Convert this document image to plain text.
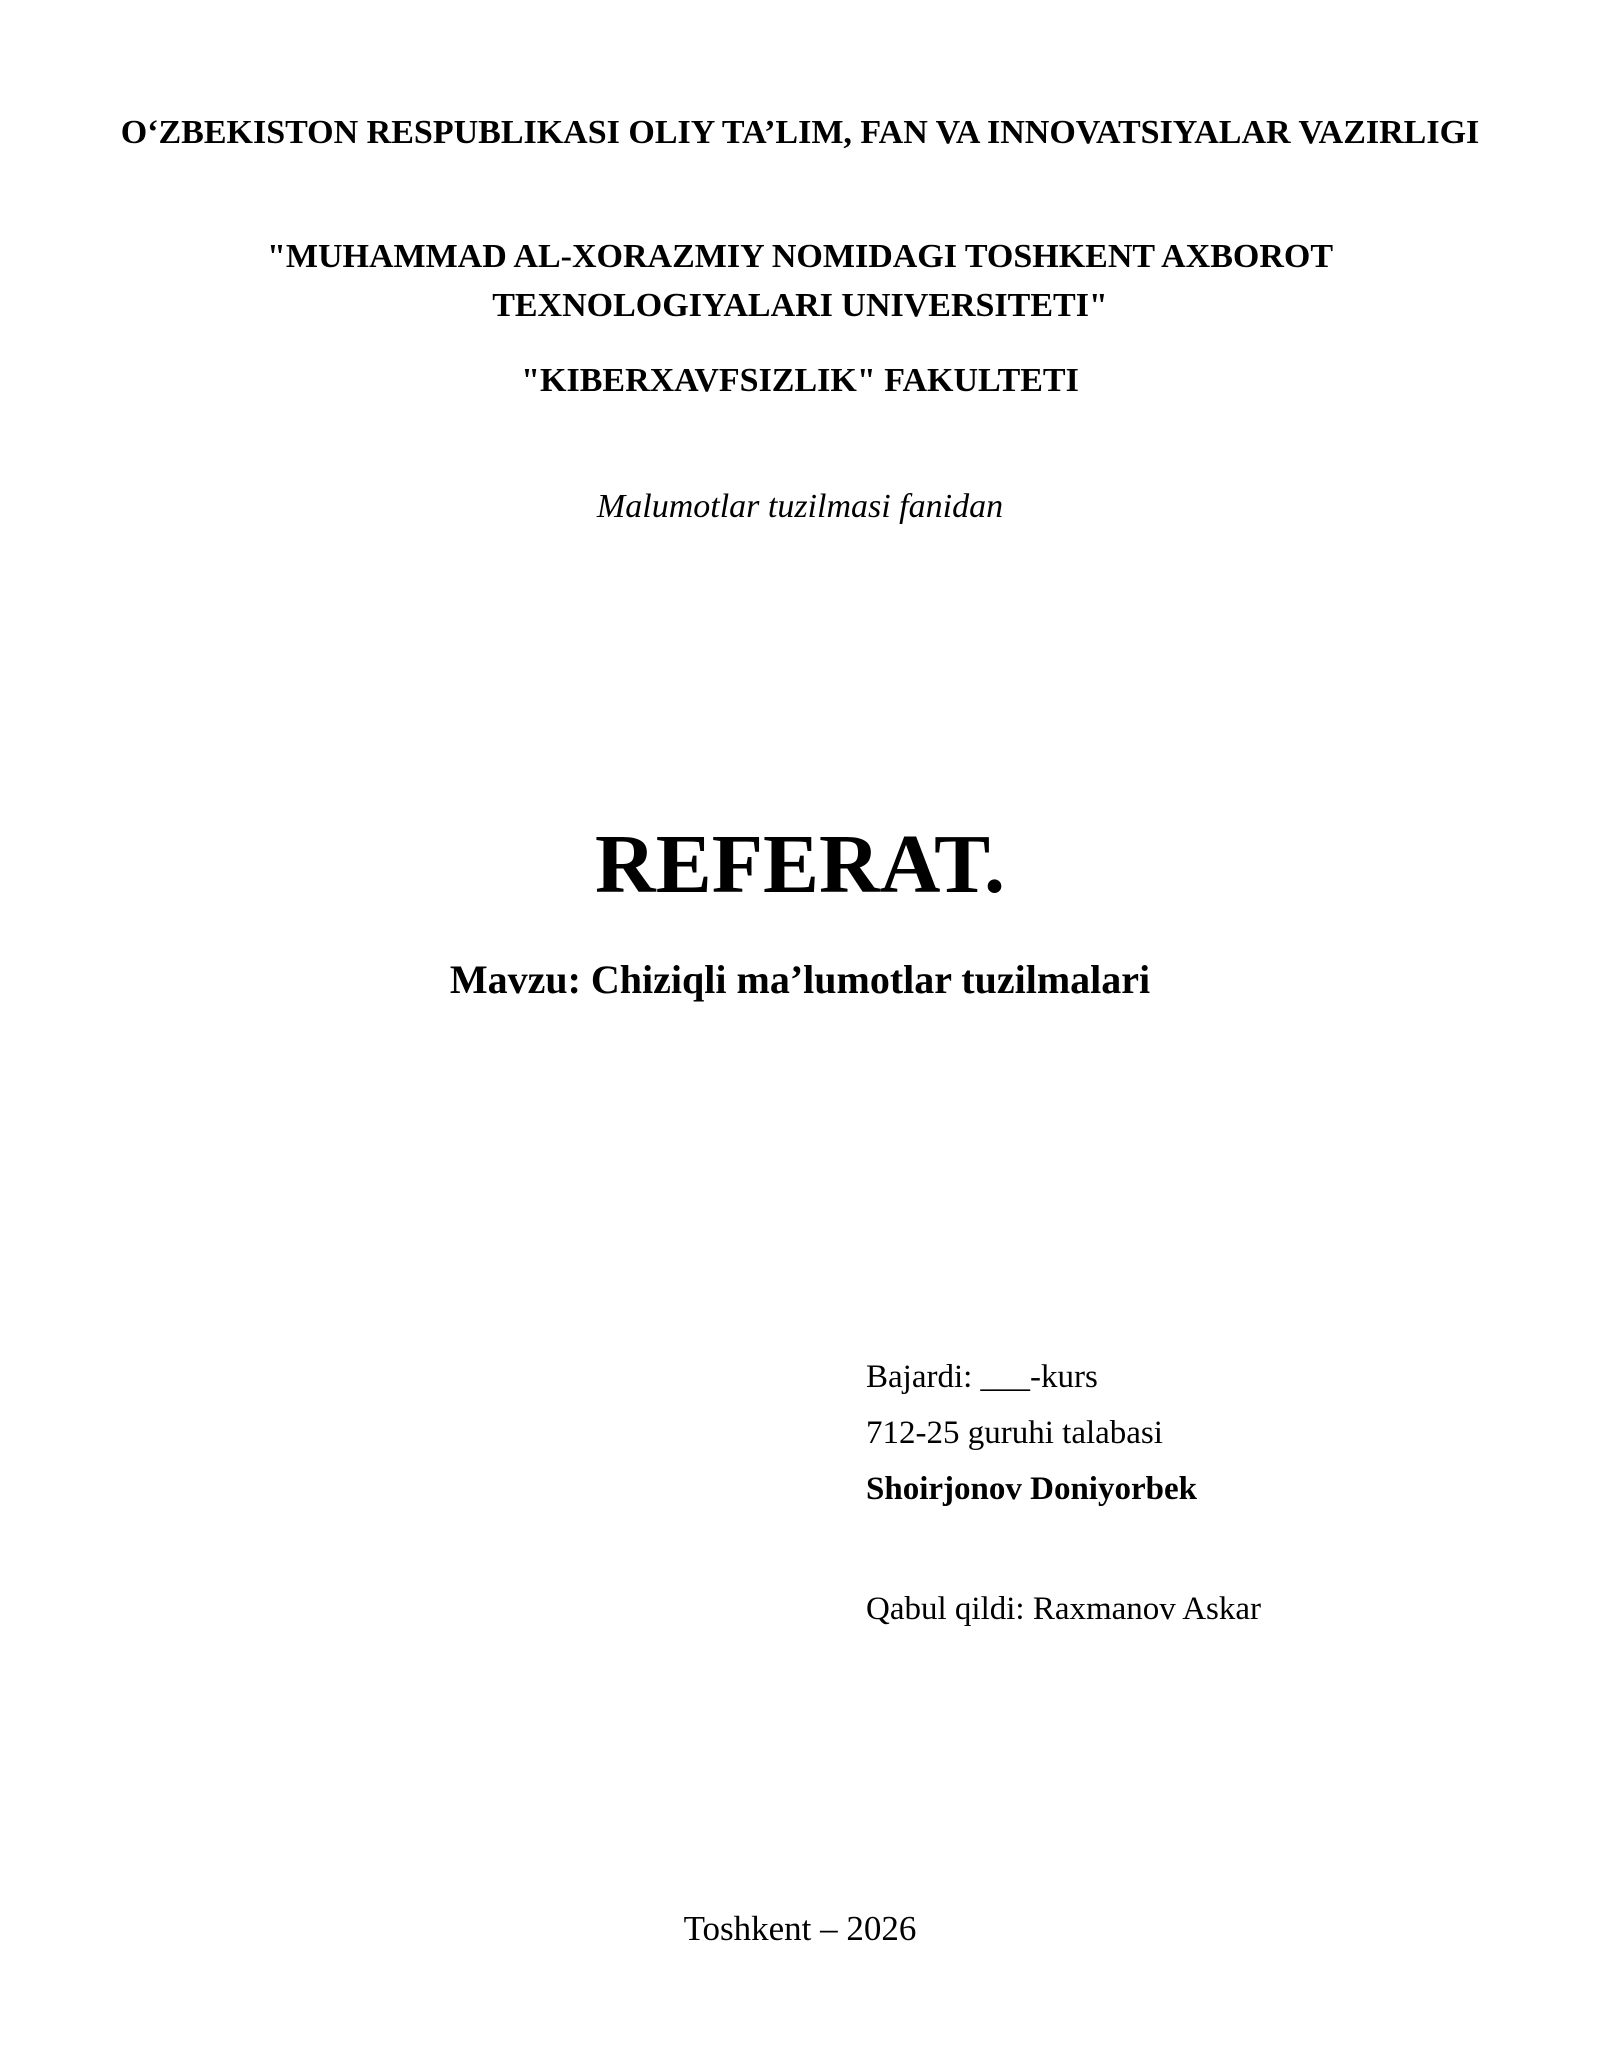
O‘ZBEKISTON RESPUBLIKASI OLIY TA’LIM, FAN VA INNOVATSIYALAR VAZIRLIGI
"MUHAMMAD AL-XORAZMIY NOMIDAGI TOSHKENT AXBOROT TEXNOLOGIYALARI UNIVERSITETI"
"KIBERXAVFSIZLIK" FAKULTETI
Malumotlar tuzilmasi fanidan
REFERAT.
Mavzu: Chiziqli ma’lumotlar tuzilmalari
Bajardi: ___-kurs
712-25 guruhi talabasi
Shoirjonov Doniyorbek
Qabul qildi: Raxmanov Askar
Toshkent – 2026
